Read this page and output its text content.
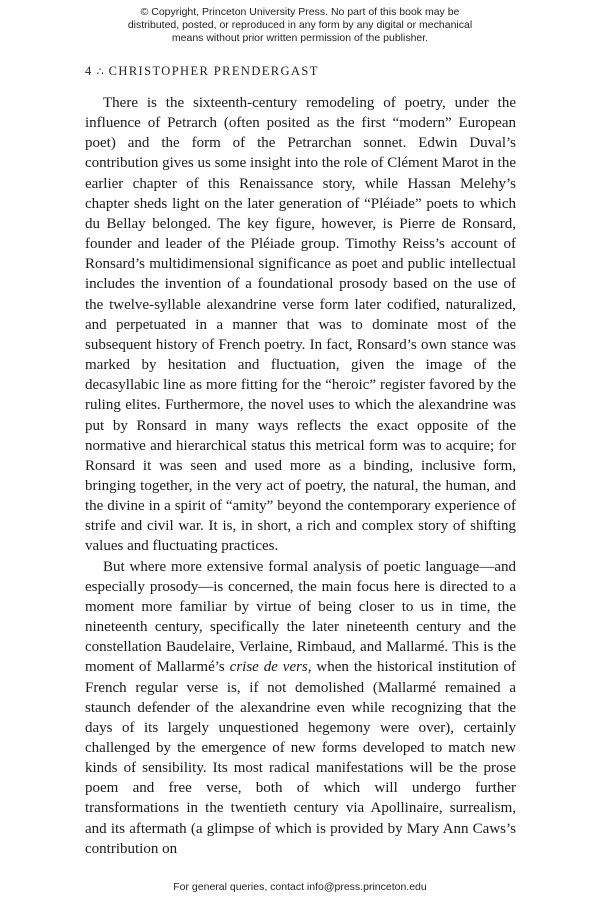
© Copyright, Princeton University Press. No part of this book may be
distributed, posted, or reproduced in any form by any digital or mechanical
means without prior written permission of the publisher.
4 ∴ CHRISTOPHER PRENDERGAST

There is the sixteenth-century remodeling of poetry, under the influence of Petrarch (often posited as the first “modern” European poet) and the form of the Petrarchan sonnet. Edwin Duval’s contribution gives us some insight into the role of Clément Marot in the earlier chapter of this Renaissance story, while Hassan Melehy’s chapter sheds light on the later generation of “Pléiade” poets to which du Bellay belonged. The key figure, however, is Pierre de Ronsard, founder and leader of the Pléiade group. Timothy Reiss’s account of Ronsard’s multidimensional significance as poet and public intellectual includes the invention of a foundational prosody based on the use of the twelve-syllable alexandrine verse form later codified, naturalized, and perpetuated in a manner that was to dominate most of the subsequent history of French poetry. In fact, Ronsard’s own stance was marked by hesitation and fluctuation, given the image of the decasyllabic line as more fitting for the “heroic” register favored by the ruling elites. Furthermore, the novel uses to which the alexandrine was put by Ronsard in many ways reflects the exact opposite of the normative and hierarchical status this metrical form was to acquire; for Ronsard it was seen and used more as a binding, inclusive form, bringing together, in the very act of poetry, the natural, the human, and the divine in a spirit of “amity” beyond the contemporary experience of strife and civil war. It is, in short, a rich and complex story of shifting values and fluctuating practices.

But where more extensive formal analysis of poetic language—and especially prosody—is concerned, the main focus here is directed to a moment more familiar by virtue of being closer to us in time, the nineteenth century, specifically the later nineteenth century and the constellation Baudelaire, Verlaine, Rimbaud, and Mallarmé. This is the moment of Mallarmé’s crise de vers, when the historical institution of French regular verse is, if not demolished (Mallarmé remained a staunch defender of the alexandrine even while recognizing that the days of its largely unquestioned hegemony were over), certainly challenged by the emergence of new forms developed to match new kinds of sensibility. Its most radical manifestations will be the prose poem and free verse, both of which will undergo further transformations in the twentieth century via Apollinaire, surrealism, and its aftermath (a glimpse of which is provided by Mary Ann Caws’s contribution on

For general queries, contact info@press.princeton.edu
